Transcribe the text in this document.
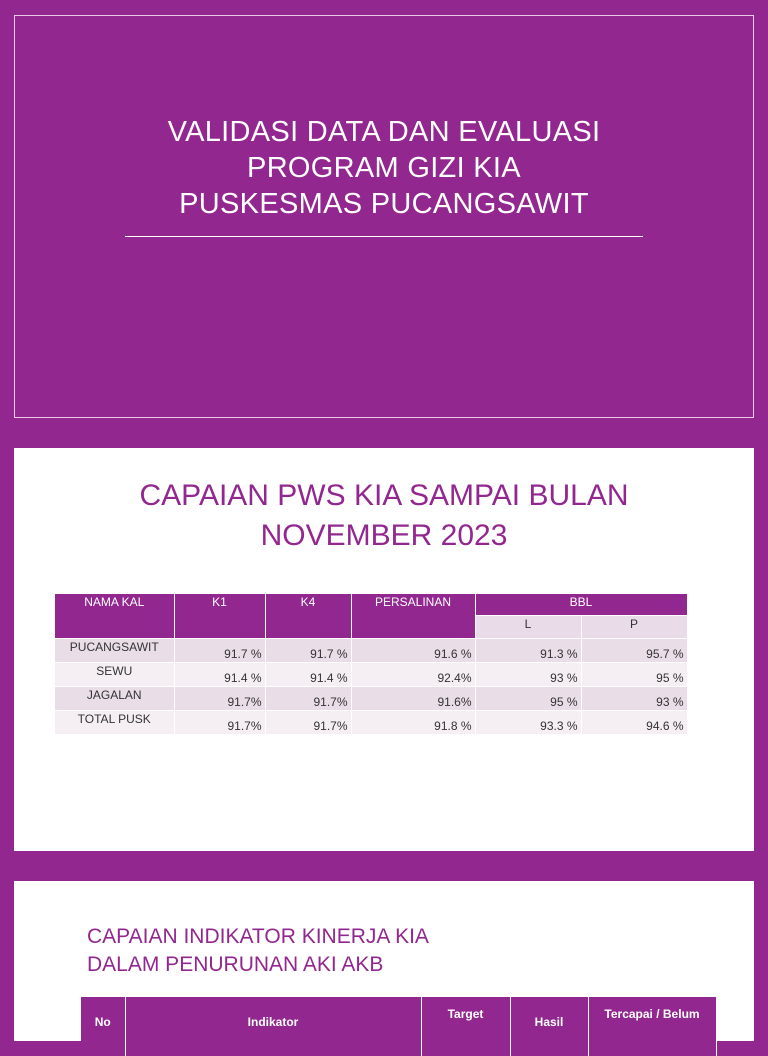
VALIDASI DATA DAN EVALUASI
PROGRAM GIZI KIA
PUSKESMAS PUCANGSAWIT
CAPAIAN PWS KIA SAMPAI BULAN
NOVEMBER 2023
NAMA KAL	K1	K4	PERSALINAN	BBL	
				L	P
PUCANGSAWIT	91.7 %	91.7 %	91.6 %	91.3 %	95.7 %
SEWU	91.4 %	91.4 %	92.4%	93 %	95 %
JAGALAN	91.7%	91.7%	91.6%	95 %	93 %
TOTAL PUSK	91.7%	91.7%	91.8 %	93.3 %	94.6 %
CAPAIAN INDIKATOR KINERJA KIA
DALAM PENURUNAN AKI AKB
No	Indikator	Target	Hasil	Tercapai / Belum
